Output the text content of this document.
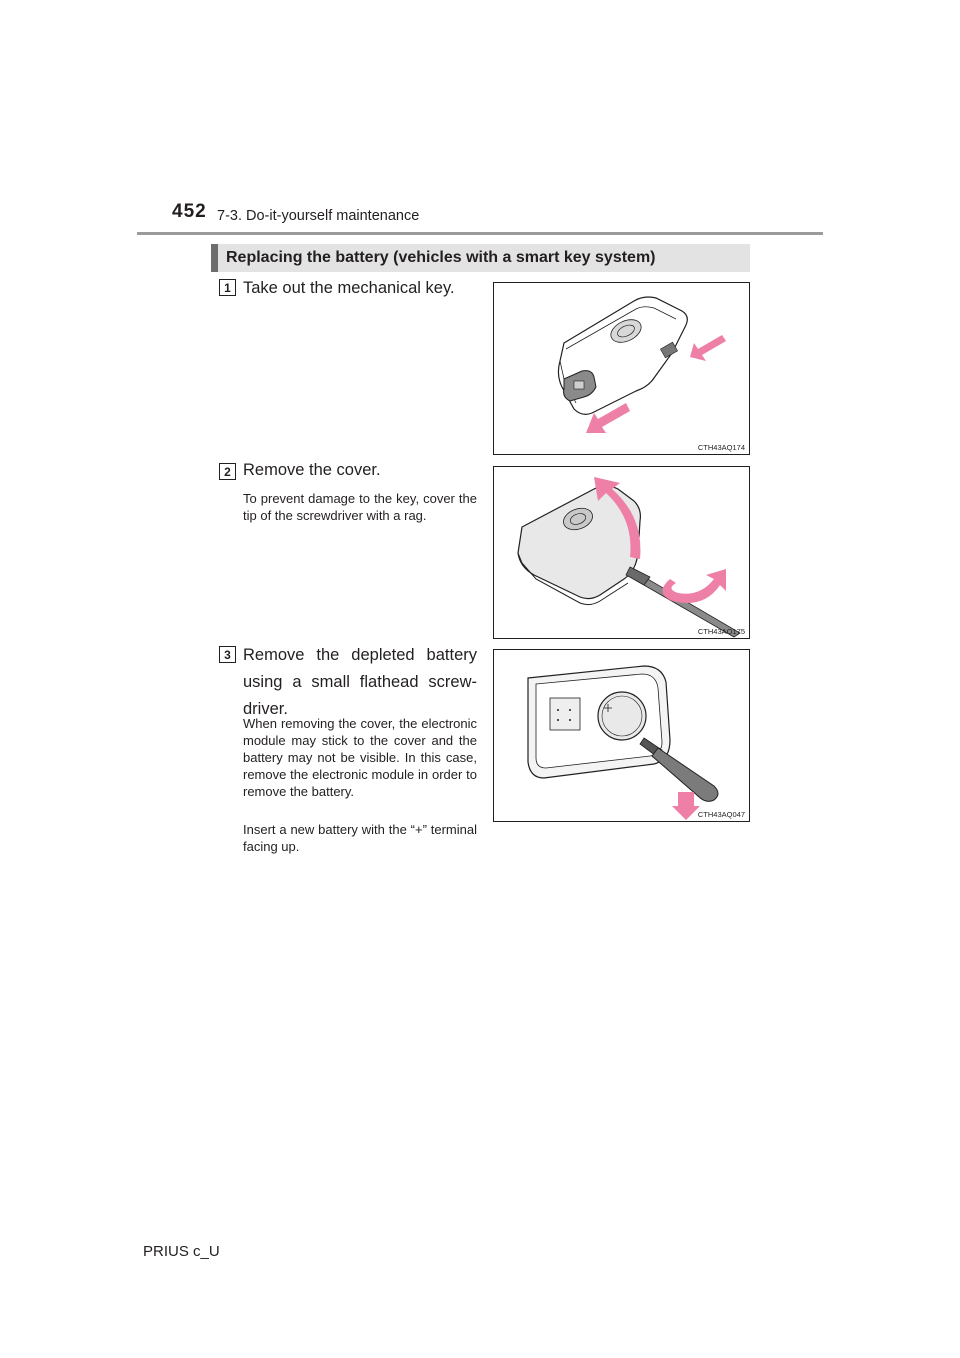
452 7-3. Do-it-yourself maintenance
Replacing the battery (vehicles with a smart key system)
1 Take out the mechanical key.
CTH43AQ174
2 Remove the cover.
To prevent damage to the key, cover the tip of the screwdriver with a rag.
CTH43AQ175
3 Remove the depleted battery using a small flathead screw-driver.
When removing the cover, the electronic module may stick to the cover and the battery may not be visible. In this case, remove the electronic module in order to remove the battery.
Insert a new battery with the “+” terminal facing up.
CTH43AQ047
PRIUS c_U
